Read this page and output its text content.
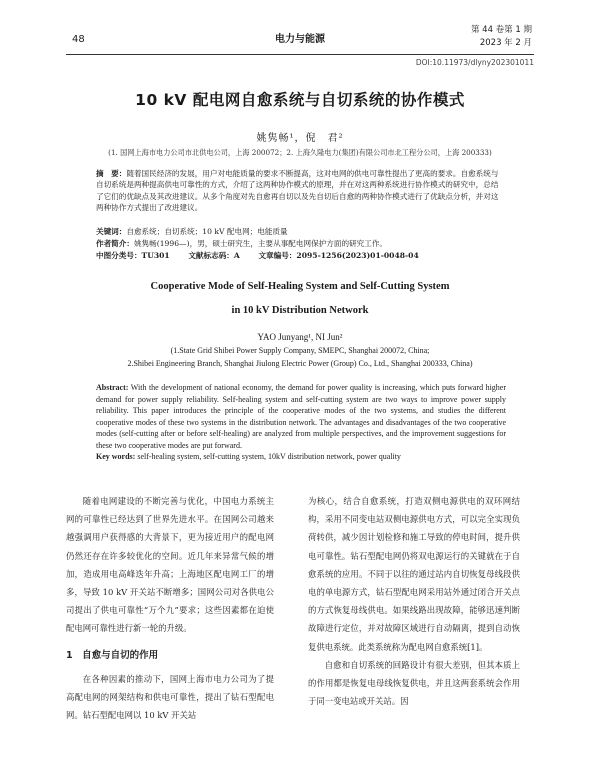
48	电力与能源
第 44 卷第 1 期
2023 年 2 月
DOI:10.11973/dlyny202301011
10 kV 配电网自愈系统与自切系统的协作模式
姚隽畅¹，倪　君²
(1. 国网上海市电力公司市北供电公司，上海 200072；2. 上海久隆电力(集团)有限公司市北工程分公司，上海 200333)
摘　要：随着国民经济的发展，用户对电能质量的要求不断提高，这对电网的供电可靠性提出了更高的要求。自愈系统与自切系统是两种提高供电可靠性的方式，介绍了这两种协作模式的原理，并在对这两种系统进行协作模式的研究中，总结了它们的优缺点及其改进建议。从多个角度对先自愈再自切以及先自切后自愈的两种协作模式进行了优缺点分析，并对这两种协作方式提出了改进建议。
关键词：自愈系统；自切系统；10 kV 配电网；电能质量
作者简介：姚隽畅(1996—)，男，硕士研究生，主要从事配电网保护方面的研究工作。
中图分类号：TU301 文献标志码：A 文章编号：2095-1256(2023)01-0048-04
Cooperative Mode of Self-Healing System and Self-Cutting System
in 10 kV Distribution Network
YAO Junyang¹, NI Jun²
(1.State Grid Shibei Power Supply Company, SMEPC, Shanghai 200072, China;
2.Shibei Engineering Branch, Shanghai Jiulong Electric Power (Group) Co., Ltd., Shanghai 200333, China)
Abstract: With the development of national economy, the demand for power quality is increasing, which puts forward higher demand for power supply reliability. Self-healing system and self-cutting system are two ways to improve power supply reliability. This paper introduces the principle of the cooperative modes of the two systems, and studies the different cooperative modes of these two systems in the distribution network. The advantages and disadvantages of the two cooperative modes (self-cutting after or before self-healing) are analyzed from multiple perspectives, and the improvement suggestions for these two cooperative modes are put forward.
Key words: self-healing system, self-cutting system, 10kV distribution network, power quality

随着电网建设的不断完善与优化，中国电力系统主网的可靠性已经达到了世界先进水平。在国网公司越来越强调用户获得感的大背景下，更为接近用户的配电网仍然还存在许多较优化的空间。近几年来异常气候的增加，造成用电高峰迭年升高；上海地区配电网工厂的增多，导致 10 kV 开关站不断增多；国网公司对各供电公司提出了供电可靠性“万个九”要求；这些因素都在迫使配电网可靠性进行新一轮的升级。

1　自愈与自切的作用

在各种因素的推动下，国网上海市电力公司为了提高配电网的网架结构和供电可靠性，提出了钻石型配电网。钻石型配电网以 10 kV 开关站

为核心，结合自愈系统，打造双侧电源供电的双环网结构，采用不同变电站双侧电源供电方式，可以完全实现负荷转供，减少因计划检修和施工导致的停电时间，提升供电可靠性。钻石型配电网仍将双电源运行的关键就在于自愈系统的应用。不同于以往的通过站内自切恢复母线段供电的单电源方式，钻石型配电网采用站外通过闭合开关点的方式恢复母线供电。如果线路出现故障，能够迅速判断故障进行定位，并对故障区域进行自动隔离，提到自动恢复供电系统。此类系统称为配电网自愈系统[1]。

自愈和自切系统的回路设计有很大差别，但其本质上的作用都是恢复电母线恢复供电，并且这两套系统会作用于同一变电站或开关站。因
